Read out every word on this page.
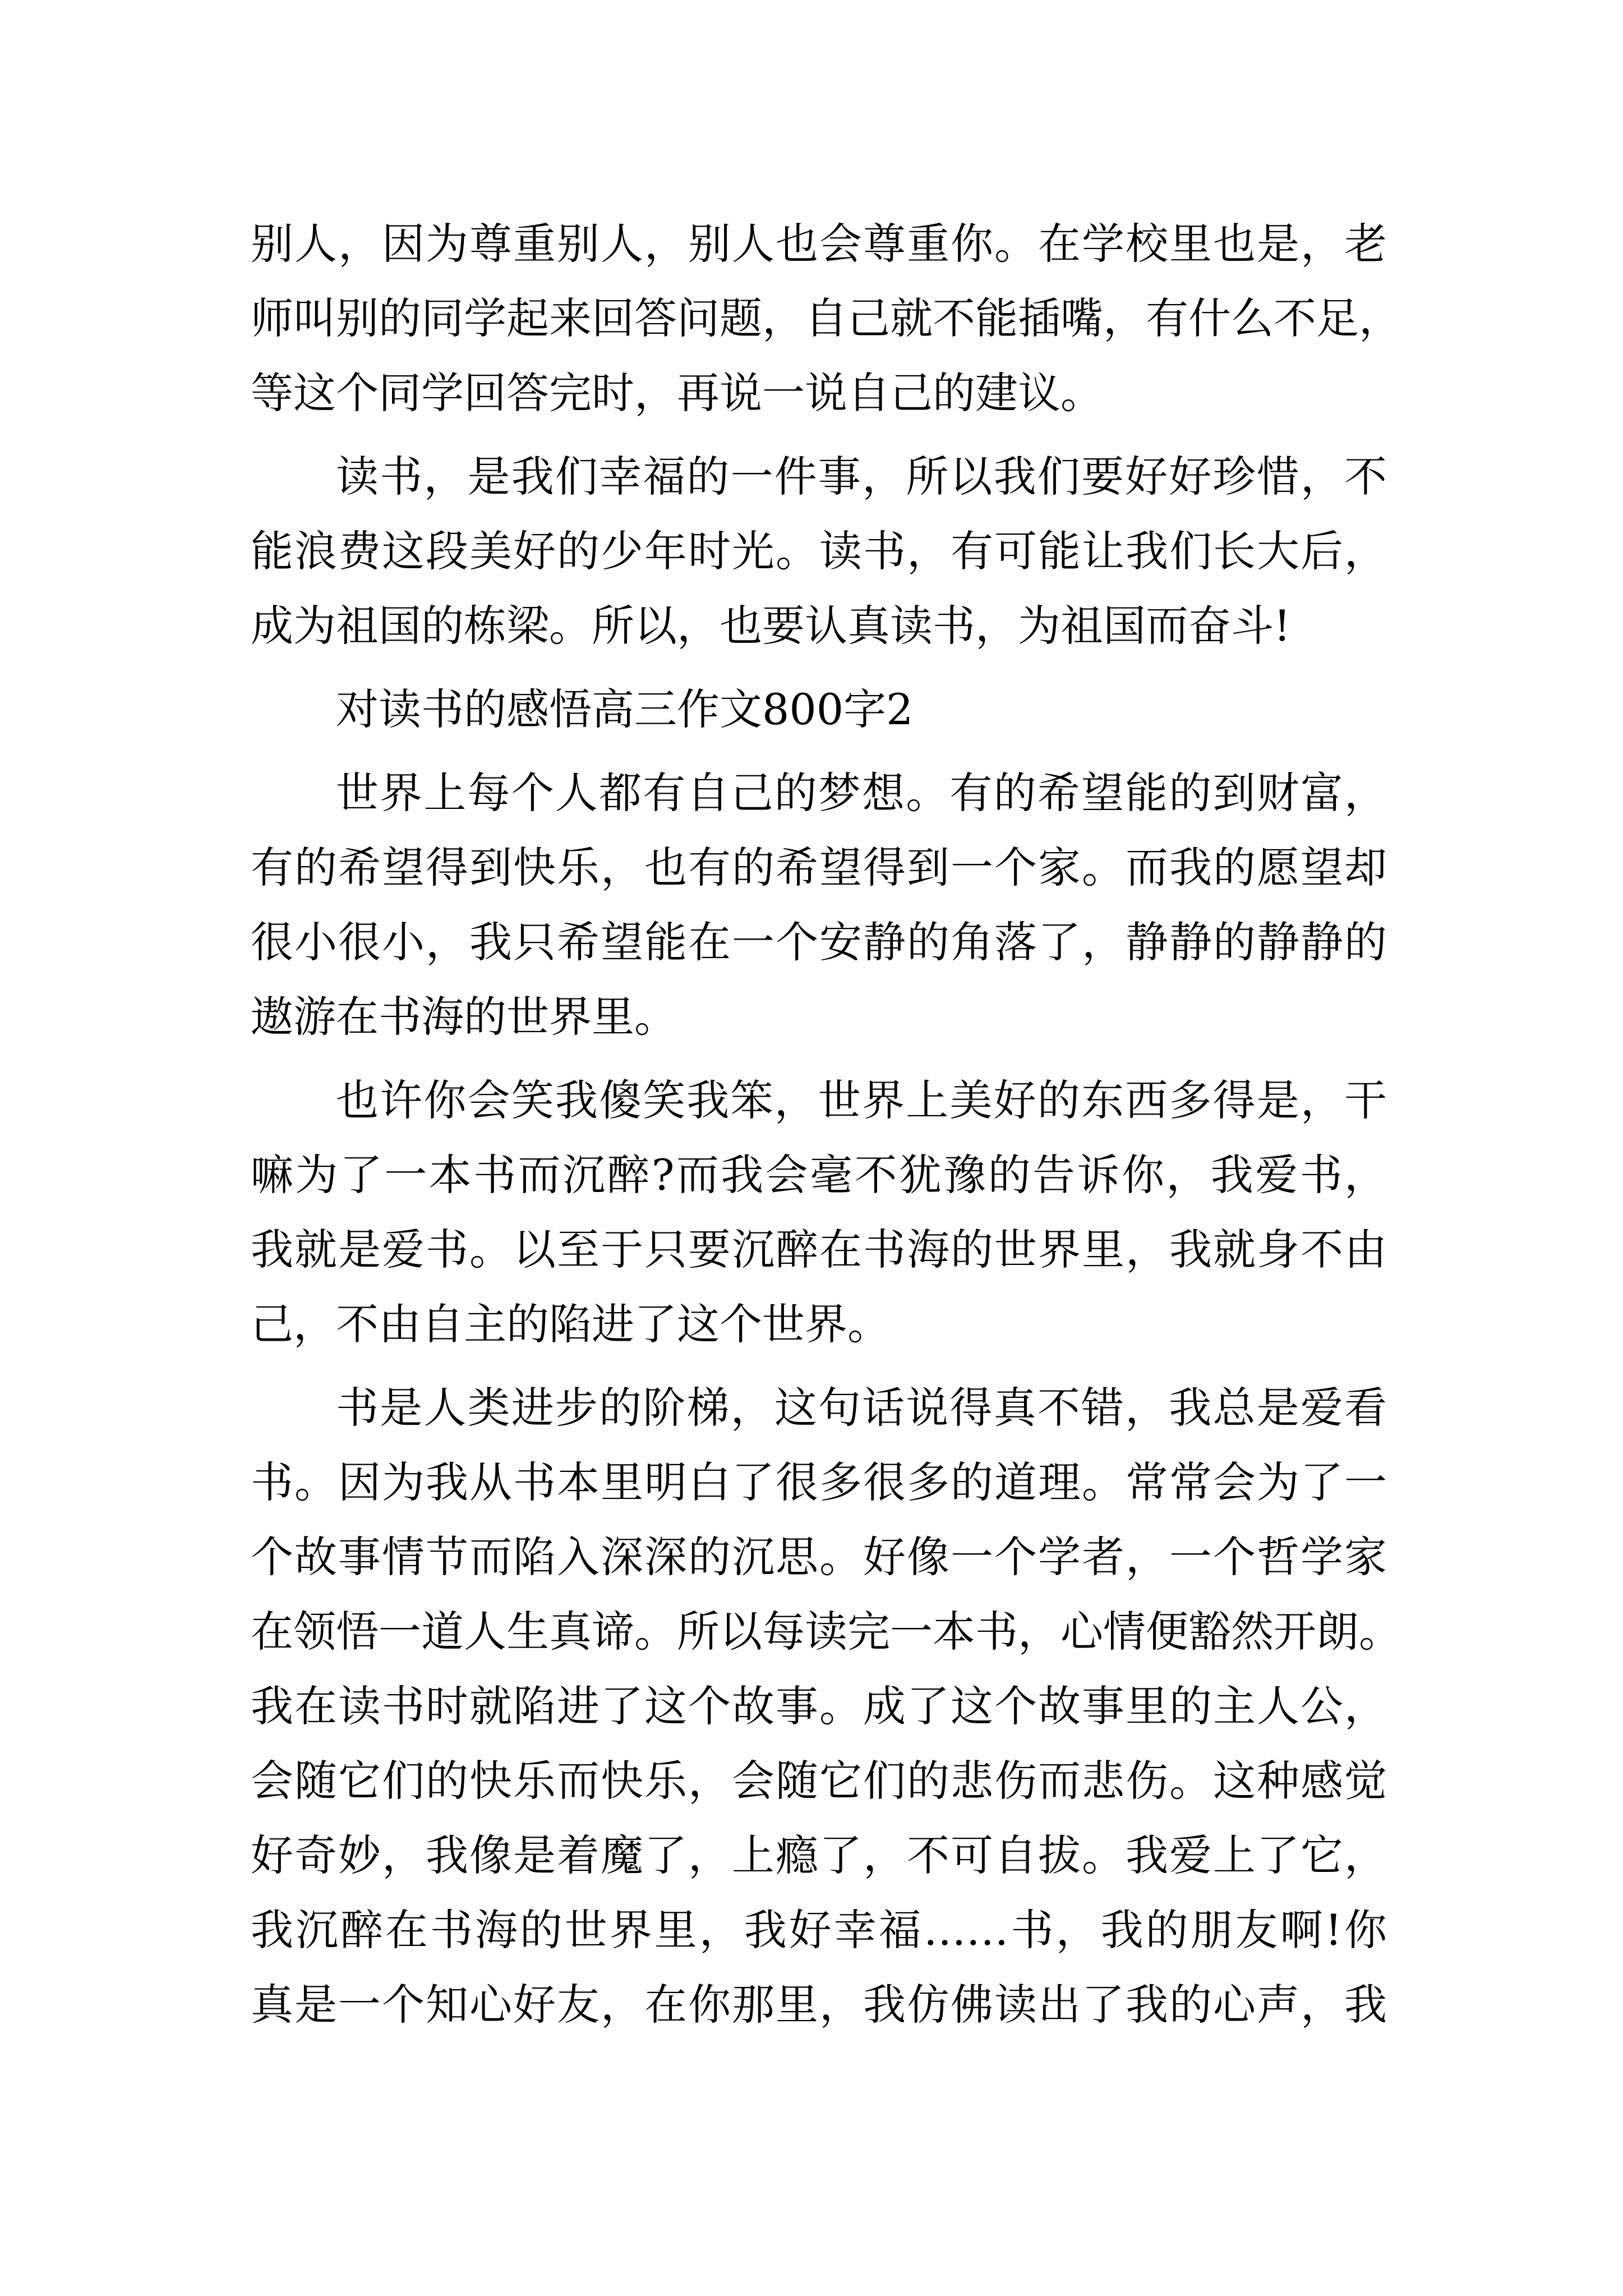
别人，因为尊重别人，别人也会尊重你。在学校里也是，老
师叫别的同学起来回答问题，自己就不能插嘴，有什么不足，
等这个同学回答完时，再说一说自己的建议。
读书，是我们幸福的一件事，所以我们要好好珍惜，不
能浪费这段美好的少年时光。读书，有可能让我们长大后，
成为祖国的栋梁。所以，也要认真读书，为祖国而奋斗!
对读书的感悟高三作文800字2
世界上每个人都有自己的梦想。有的希望能的到财富，
有的希望得到快乐，也有的希望得到一个家。而我的愿望却
很小很小，我只希望能在一个安静的角落了，静静的静静的
遨游在书海的世界里。
也许你会笑我傻笑我笨，世界上美好的东西多得是，干
嘛为了一本书而沉醉?而我会毫不犹豫的告诉你，我爱书，
我就是爱书。以至于只要沉醉在书海的世界里，我就身不由
己，不由自主的陷进了这个世界。
书是人类进步的阶梯，这句话说得真不错，我总是爱看
书。因为我从书本里明白了很多很多的道理。常常会为了一
个故事情节而陷入深深的沉思。好像一个学者，一个哲学家
在领悟一道人生真谛。所以每读完一本书，心情便豁然开朗。
我在读书时就陷进了这个故事。成了这个故事里的主人公，
会随它们的快乐而快乐，会随它们的悲伤而悲伤。这种感觉
好奇妙，我像是着魔了，上瘾了，不可自拔。我爱上了它，
我沉醉在书海的世界里，我好幸福……书，我的朋友啊!你
真是一个知心好友，在你那里，我仿佛读出了我的心声，我
